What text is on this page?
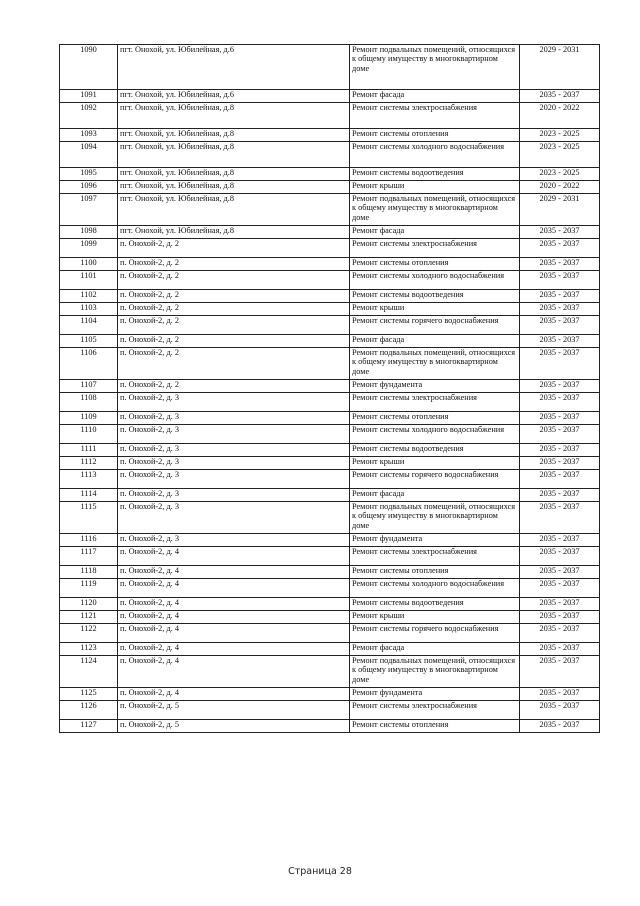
1090	пгт. Онохой, ул. Юбилейная, д.6	Ремонт подвальных помещений, относящихся к общему имуществу в многоквартирном доме	2029 - 2031
1091	пгт. Онохой, ул. Юбилейная, д.6	Ремонт фасада	2035 - 2037
1092	пгт. Онохой, ул. Юбилейная, д.8	Ремонт системы электроснабжения	2020 - 2022
1093	пгт. Онохой, ул. Юбилейная, д.8	Ремонт системы отопления	2023 - 2025
1094	пгт. Онохой, ул. Юбилейная, д.8	Ремонт системы холодного водоснабжения	2023 - 2025
1095	пгт. Онохой, ул. Юбилейная, д.8	Ремонт системы водоотведения	2023 - 2025
1096	пгт. Онохой, ул. Юбилейная, д.8	Ремонт крыши	2020 - 2022
1097	пгт. Онохой, ул. Юбилейная, д.8	Ремонт подвальных помещений, относящихся к общему имуществу в многоквартирном доме	2029 - 2031
1098	пгт. Онохой, ул. Юбилейная, д.8	Ремонт фасада	2035 - 2037
1099	п. Онохой-2, д. 2	Ремонт системы электроснабжения	2035 - 2037
1100	п. Онохой-2, д. 2	Ремонт системы отопления	2035 - 2037
1101	п. Онохой-2, д. 2	Ремонт системы холодного водоснабжения	2035 - 2037
1102	п. Онохой-2, д. 2	Ремонт системы водоотведения	2035 - 2037
1103	п. Онохой-2, д. 2	Ремонт крыши	2035 - 2037
1104	п. Онохой-2, д. 2	Ремонт системы горячего водоснабжения	2035 - 2037
1105	п. Онохой-2, д. 2	Ремонт фасада	2035 - 2037
1106	п. Онохой-2, д. 2	Ремонт подвальных помещений, относящихся к общему имуществу в многоквартирном доме	2035 - 2037
1107	п. Онохой-2, д. 2	Ремонт фундамента	2035 - 2037
1108	п. Онохой-2, д. 3	Ремонт системы электроснабжения	2035 - 2037
1109	п. Онохой-2, д. 3	Ремонт системы отопления	2035 - 2037
1110	п. Онохой-2, д. 3	Ремонт системы холодного водоснабжения	2035 - 2037
1111	п. Онохой-2, д. 3	Ремонт системы водоотведения	2035 - 2037
1112	п. Онохой-2, д. 3	Ремонт крыши	2035 - 2037
1113	п. Онохой-2, д. 3	Ремонт системы горячего водоснабжения	2035 - 2037
1114	п. Онохой-2, д. 3	Ремонт фасада	2035 - 2037
1115	п. Онохой-2, д. 3	Ремонт подвальных помещений, относящихся к общему имуществу в многоквартирном доме	2035 - 2037
1116	п. Онохой-2, д. 3	Ремонт фундамента	2035 - 2037
1117	п. Онохой-2, д. 4	Ремонт системы электроснабжения	2035 - 2037
1118	п. Онохой-2, д. 4	Ремонт системы отопления	2035 - 2037
1119	п. Онохой-2, д. 4	Ремонт системы холодного водоснабжения	2035 - 2037
1120	п. Онохой-2, д. 4	Ремонт системы водоотведения	2035 - 2037
1121	п. Онохой-2, д. 4	Ремонт крыши	2035 - 2037
1122	п. Онохой-2, д. 4	Ремонт системы горячего водоснабжения	2035 - 2037
1123	п. Онохой-2, д. 4	Ремонт фасада	2035 - 2037
1124	п. Онохой-2, д. 4	Ремонт подвальных помещений, относящихся к общему имуществу в многоквартирном доме	2035 - 2037
1125	п. Онохой-2, д. 4	Ремонт фундамента	2035 - 2037
1126	п. Онохой-2, д. 5	Ремонт системы электроснабжения	2035 - 2037
1127	п. Онохой-2, д. 5	Ремонт системы отопления	2035 - 2037
Страница 28
